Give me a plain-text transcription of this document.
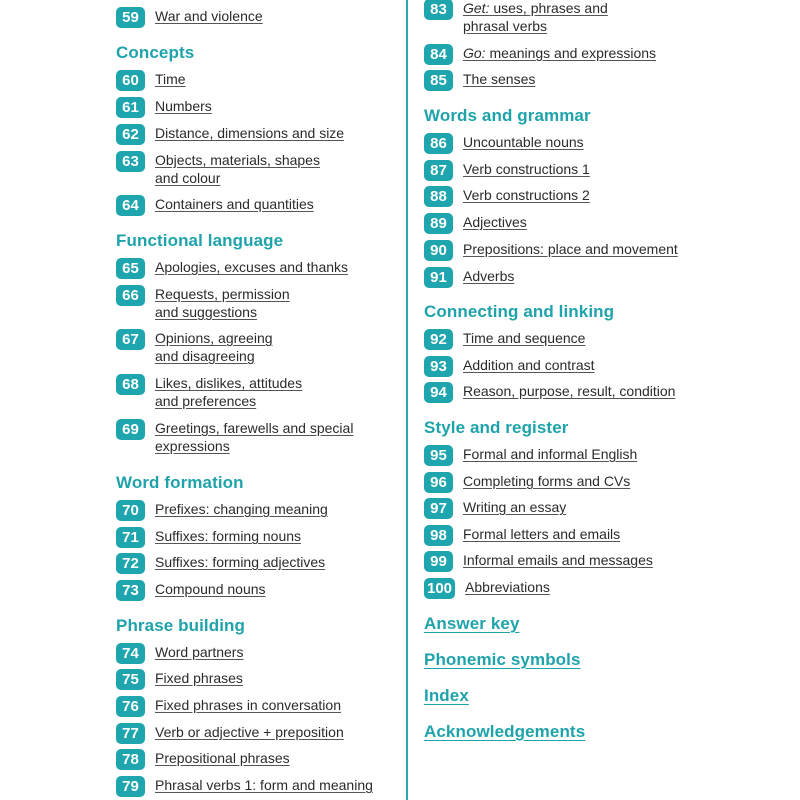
59	War and violence
Concepts
60	Time
61	Numbers
62	Distance, dimensions and size
63	Objects, materials, shapes
and colour
64	Containers and quantities
Functional language
65	Apologies, excuses and thanks
66	Requests, permission
and suggestions
67	Opinions, agreeing
and disagreeing
68	Likes, dislikes, attitudes
and preferences
69	Greetings, farewells and special
expressions
Word formation
70	Prefixes: changing meaning
71	Suffixes: forming nouns
72	Suffixes: forming adjectives
73	Compound nouns
Phrase building
74	Word partners
75	Fixed phrases
76	Fixed phrases in conversation
77	Verb or adjective + preposition
78	Prepositional phrases
79	Phrasal verbs 1: form and meaning
83	Get: uses, phrases and
phrasal verbs
84	Go: meanings and expressions
85	The senses
Words and grammar
86	Uncountable nouns
87	Verb constructions 1
88	Verb constructions 2
89	Adjectives
90	Prepositions: place and movement
91	Adverbs
Connecting and linking
92	Time and sequence
93	Addition and contrast
94	Reason, purpose, result, condition
Style and register
95	Formal and informal English
96	Completing forms and CVs
97	Writing an essay
98	Formal letters and emails
99	Informal emails and messages
100 Abbreviations
Answer key
Phonemic symbols
Index
Acknowledgements
